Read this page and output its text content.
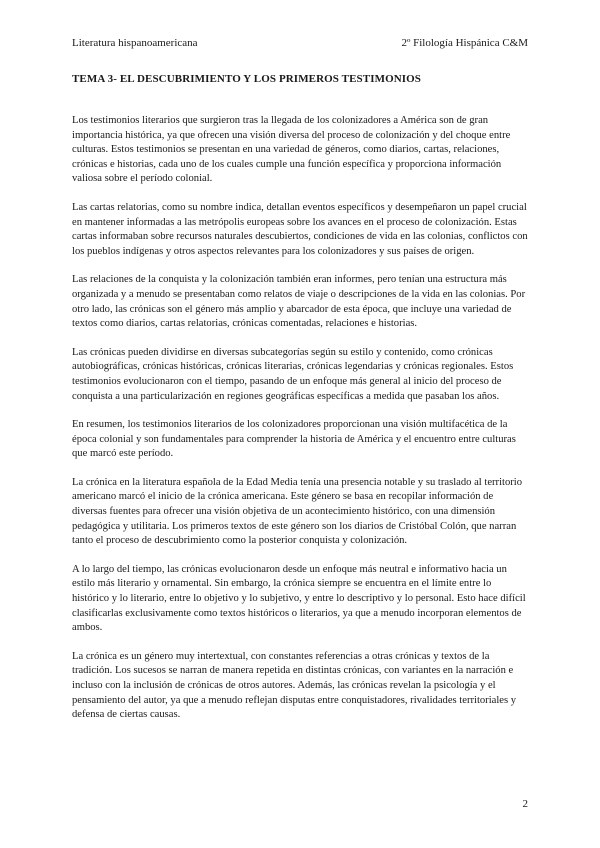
Literatura hispanoamericana	2º Filología Hispánica C&M
TEMA 3- EL DESCUBRIMIENTO Y LOS PRIMEROS TESTIMONIOS

Los testimonios literarios que surgieron tras la llegada de los colonizadores a América son de gran importancia histórica, ya que ofrecen una visión diversa del proceso de colonización y del choque entre culturas. Estos testimonios se presentan en una variedad de géneros, como diarios, cartas, relaciones, crónicas e historias, cada uno de los cuales cumple una función específica y proporciona información valiosa sobre el período colonial.

Las cartas relatorias, como su nombre indica, detallan eventos específicos y desempeñaron un papel crucial en mantener informadas a las metrópolis europeas sobre los avances en el proceso de colonización. Estas cartas informaban sobre recursos naturales descubiertos, condiciones de vida en las colonias, conflictos con los pueblos indígenas y otros aspectos relevantes para los colonizadores y sus países de origen.

Las relaciones de la conquista y la colonización también eran informes, pero tenían una estructura más organizada y a menudo se presentaban como relatos de viaje o descripciones de la vida en las colonias. Por otro lado, las crónicas son el género más amplio y abarcador de esta época, que incluye una variedad de textos como diarios, cartas relatorias, crónicas comentadas, relaciones e historias.

Las crónicas pueden dividirse en diversas subcategorías según su estilo y contenido, como crónicas autobiográficas, crónicas históricas, crónicas literarias, crónicas legendarias y crónicas regionales. Estos testimonios evolucionaron con el tiempo, pasando de un enfoque más general al inicio del proceso de conquista a una particularización en regiones geográficas específicas a medida que pasaban los años.

En resumen, los testimonios literarios de los colonizadores proporcionan una visión multifacética de la época colonial y son fundamentales para comprender la historia de América y el encuentro entre culturas que marcó este período.

La crónica en la literatura española de la Edad Media tenía una presencia notable y su traslado al territorio americano marcó el inicio de la crónica americana. Este género se basa en recopilar información de diversas fuentes para ofrecer una visión objetiva de un acontecimiento histórico, con una dimensión pedagógica y utilitaria. Los primeros textos de este género son los diarios de Cristóbal Colón, que narran tanto el proceso de descubrimiento como la posterior conquista y colonización.

A lo largo del tiempo, las crónicas evolucionaron desde un enfoque más neutral e informativo hacia un estilo más literario y ornamental. Sin embargo, la crónica siempre se encuentra en el límite entre lo histórico y lo literario, entre lo objetivo y lo subjetivo, y entre lo descriptivo y lo personal. Esto hace difícil clasificarlas exclusivamente como textos históricos o literarios, ya que a menudo incorporan elementos de ambos.

La crónica es un género muy intertextual, con constantes referencias a otras crónicas y textos de la tradición. Los sucesos se narran de manera repetida en distintas crónicas, con variantes en la narración e incluso con la inclusión de crónicas de otros autores. Además, las crónicas revelan la psicología y el pensamiento del autor, ya que a menudo reflejan disputas entre conquistadores, rivalidades territoriales y defensa de ciertas causas.

2
